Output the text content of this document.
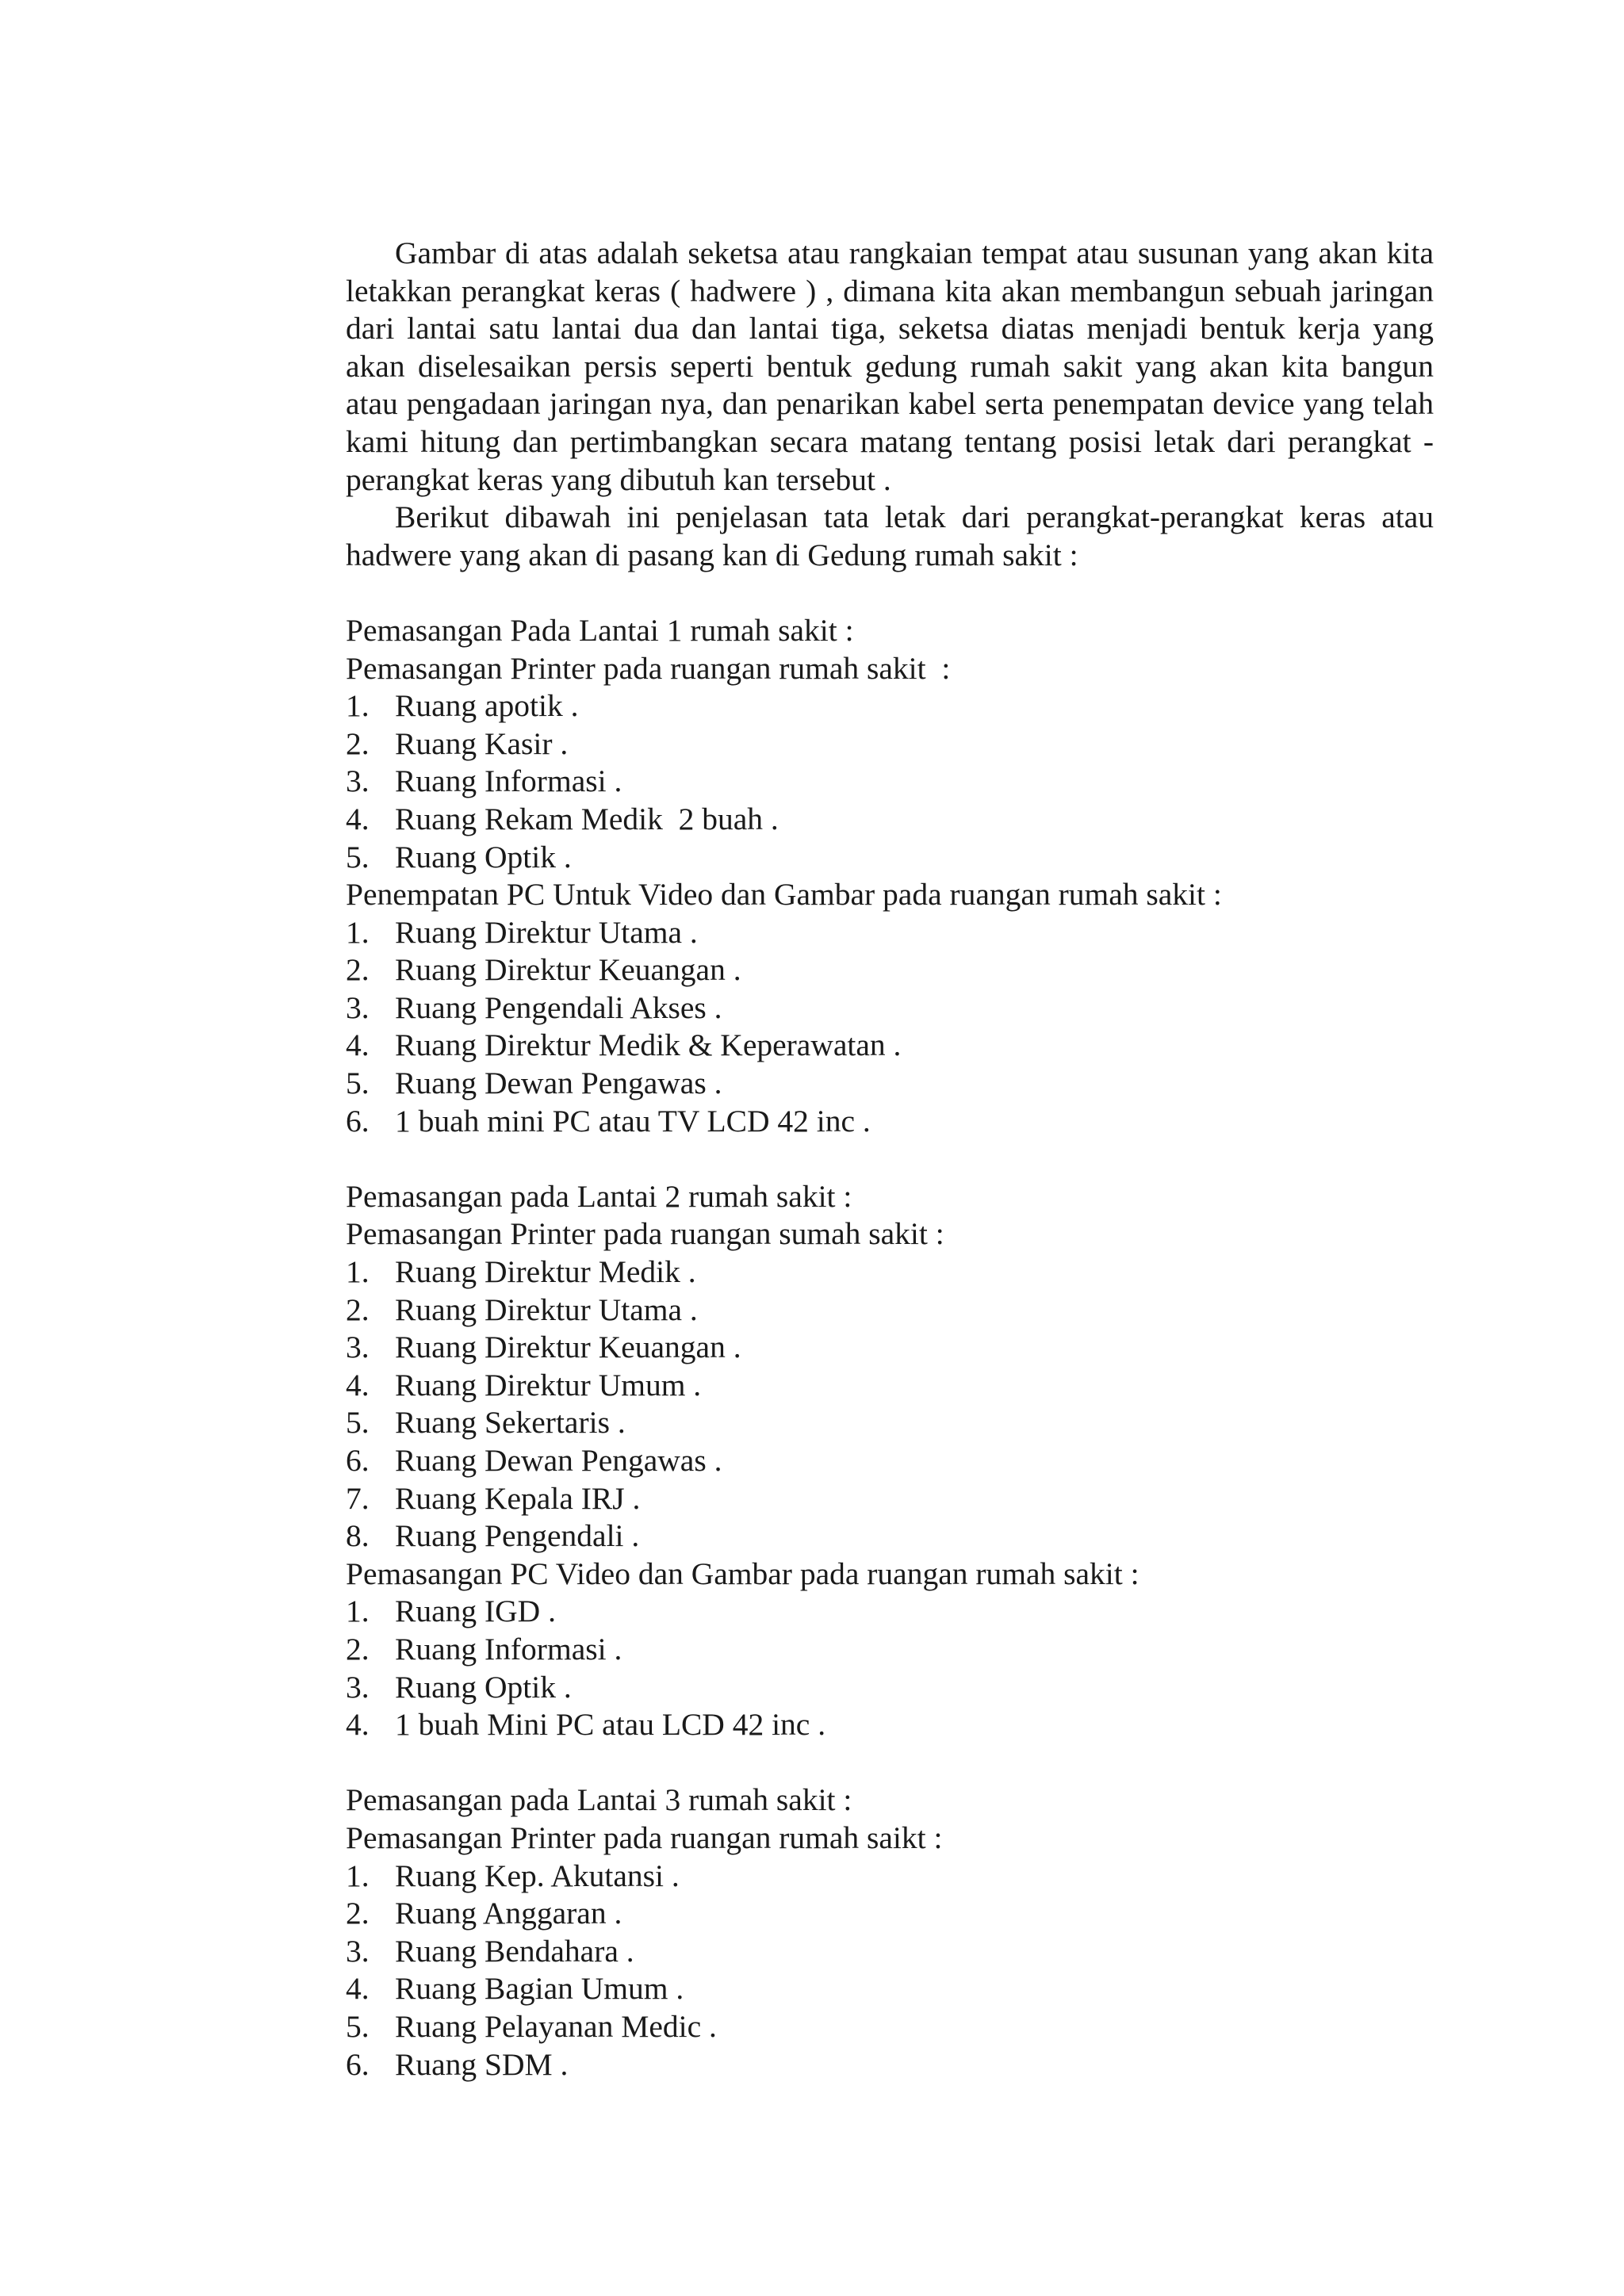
Gambar di atas adalah seketsa atau rangkaian tempat atau susunan yang akan kita letakkan perangkat keras ( hadwere ) , dimana kita akan membangun sebuah jaringan dari lantai satu lantai dua dan lantai tiga, seketsa diatas menjadi bentuk kerja yang akan diselesaikan persis seperti bentuk gedung rumah sakit yang akan kita bangun atau pengadaan jaringan nya, dan penarikan kabel serta penempatan device yang telah kami hitung dan pertimbangkan secara matang tentang posisi letak dari perangkat - perangkat keras yang dibutuh kan tersebut .

Berikut dibawah ini penjelasan tata letak dari perangkat-perangkat keras atau hadwere yang akan di pasang kan di Gedung rumah sakit :

Pemasangan Pada Lantai 1 rumah sakit :

Pemasangan Printer pada ruangan rumah sakit  :

1. Ruang apotik .
2. Ruang Kasir .
3. Ruang Informasi .
4. Ruang Rekam Medik  2 buah .
5. Ruang Optik .

Penempatan PC Untuk Video dan Gambar pada ruangan rumah sakit :

1. Ruang Direktur Utama .
2. Ruang Direktur Keuangan .
3. Ruang Pengendali Akses .
4. Ruang Direktur Medik & Keperawatan .
5. Ruang Dewan Pengawas .
6. 1 buah mini PC atau TV LCD 42 inc .

Pemasangan pada Lantai 2 rumah sakit :

Pemasangan Printer pada ruangan sumah sakit :

1. Ruang Direktur Medik .
2. Ruang Direktur Utama .
3. Ruang Direktur Keuangan .
4. Ruang Direktur Umum .
5. Ruang Sekertaris .
6. Ruang Dewan Pengawas .
7. Ruang Kepala IRJ .
8. Ruang Pengendali .

Pemasangan PC Video dan Gambar pada ruangan rumah sakit :

1. Ruang IGD .
2. Ruang Informasi .
3. Ruang Optik .
4. 1 buah Mini PC atau LCD 42 inc .

Pemasangan pada Lantai 3 rumah sakit :

Pemasangan Printer pada ruangan rumah saikt :

1. Ruang Kep. Akutansi .
2. Ruang Anggaran .
3. Ruang Bendahara .
4. Ruang Bagian Umum .
5. Ruang Pelayanan Medic .
6. Ruang SDM .
